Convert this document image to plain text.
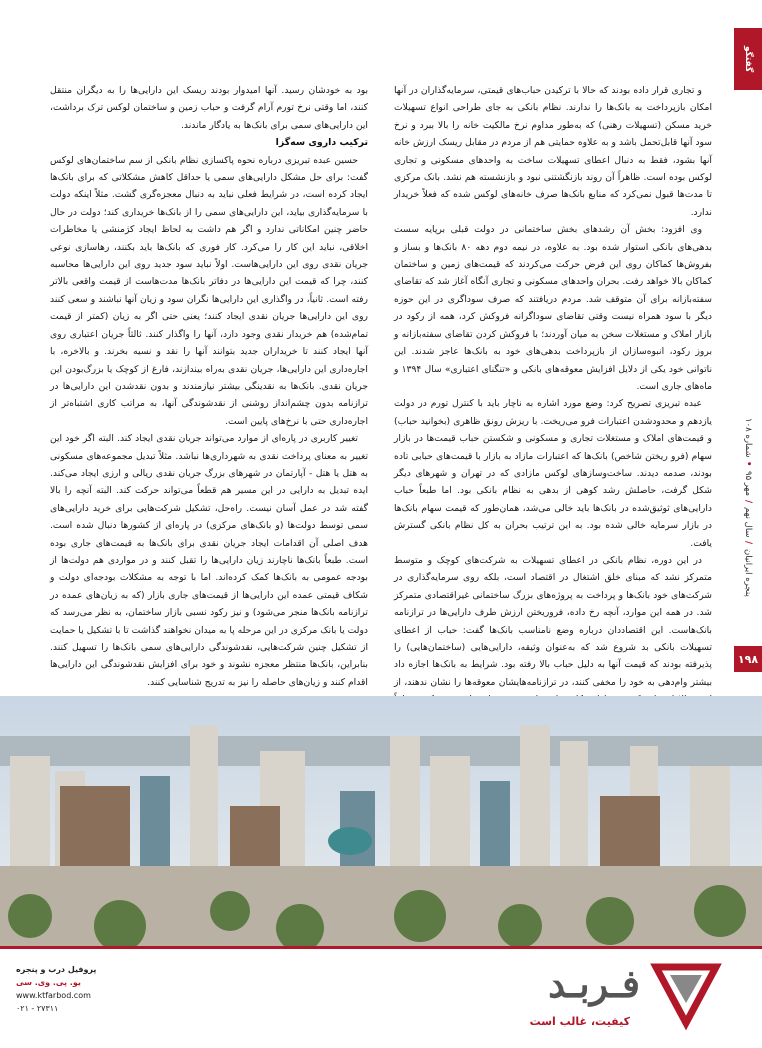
گفتگو
پنجره ایرانیان
/
سال نهم
/
مهر ۹۵
•
شماره ۱۰۸
۱۹۸

و تجاری قرار داده بودند که حالا با ترکیدن حباب‌های قیمتی، سرمایه‌گذاران در آنها امکان بازپرداخت به بانک‌ها را ندارند. نظام بانکی به جای طراحی انواع تسهیلات خرید مسکن (تسهیلات رهنی) که به‌طور مداوم نرخ مالکیت خانه را بالا ببرد و نرخ سود آنها قابل‌تحمل باشد و به علاوه حمایتی هم از مردم در مقابل ریسک ارزش خانه آنها بشود، فقط به دنبال اعطای تسهیلات ساخت به واحدهای مسکونی و تجاری لوکس بوده است. ظاهراً آن روند بازنگشتنی نبود و بازنشسته هم نشد. بانک مرکزی تا مدت‌ها قبول نمی‌کرد که منابع بانک‌ها صرف خانه‌های لوکس شده که فعلاً خریدار ندارد.

وی افزود: بخش آن رشدهای بخش ساختمانی در دولت قبلی برپایه سست بدهی‌های بانکی استوار شده بود. به علاوه، در نیمه دوم دهه ۸۰ بانک‌ها و بساز و بفروش‌ها کماکان روی این فرض حرکت می‌کردند که قیمت‌های زمین و ساختمان کماکان بالا خواهد رفت. بحران واحدهای مسکونی و تجاری آنگاه آغاز شد که تقاضای سفته‌بازانه برای آن متوقف شد. مردم دریافتند که صرف سوداگری در این حوزه دیگر با سود همراه نیست وقتی تقاضای سوداگرانه فروکش کرد، همه از رکود در بازار املاک و مستغلات سخن به میان آوردند؛ با فروکش کردن تقاضای سفته‌بازانه و بروز رکود، انبوه‌سازان از بازپرداخت بدهی‌های خود به بانک‌ها عاجز شدند. این ناتوانی خود یکی از دلایل افزایش معوقه‌های بانکی و «تنگنای اعتباری» سال ۱۳۹۴ و ماه‌های جاری است.

عبده تبریزی تصریح کرد: وضع مورد اشاره به ناچار باید با کنترل تورم در دولت یازدهم و محدودشدن اعتبارات فرو می‌ریخت. با ریزش رونق ظاهری (بخوانید حباب) و قیمت‌های املاک و مستغلات تجاری و مسکونی و شکستن حباب قیمت‌ها در بازار سهام (فرو ریختن شاخص) بانک‌ها که اعتبارات مازاد به بازار با قیمت‌های حبابی تاده بودند، صدمه دیدند. ساخت‌وسازهای لوکس مازادی که در تهران و شهرهای دیگر شکل گرفت، حاصلش رشد کوهی از بدهی به نظام بانکی بود. اما طبعاً حباب دارایی‌های ثوثیق‌شده در بانک‌ها باید خالی می‌شد، همان‌طور که قیمت سهام بانک‌ها در بازار سرمایه خالی شده بود. به این ترتیب بحران به کل نظام بانکی گسترش یافت.

در این دوره، نظام بانکی در اعطای تسهیلات به شرکت‌های کوچک و متوسط متمرکز نشد که مبنای خلق اشتغال در اقتصاد است، بلکه روی سرمایه‌گذاری در شرکت‌های خود بانک‌ها و پرداخت به پروژه‌های بزرگ ساختمانی غیراقتصادی متمرکز شد. در همه این موارد، آنچه رخ داده، فروریختن ارزش طرف دارایی‌ها در ترازنامه بانک‌هاست. این اقتصاددان درباره وضع نامناسب بانک‌ها گفت: حباب از اعطای تسهیلات بانکی بد شروع شد که به‌عنوان وثیقه، دارایی‌هایی (ساختمان‌هایی) را پذیرفته بودند که قیمت آنها به دلیل حباب بالا رفته بود. شرایط به بانک‌ها اجازه داد بیشتر وام‌دهی به خود را مخفی کنند، در ترازنامه‌هایشان معوقه‌ها را نشان ندهند، از

بود به خودشان رسید. آنها امیدوار بودند ریسک این دارایی‌ها را به دیگران منتقل کنند، اما وقتی نرخ تورم آرام گرفت و حباب زمین و ساختمان لوکس ترک برداشت، این دارایی‌های سمی برای بانک‌ها به یادگار ماندند.

ترکیب داروی سه‌گزا

حسین عبده تبریزی درباره نحوه پاکسازی نظام بانکی از سم ساختمان‌های لوکس گفت: برای حل مشکل دارایی‌های سمی یا حداقل کاهش مشکلاتی که برای بانک‌ها ایجاد کرده است، در شرایط فعلی نباید به دنبال معجزه‌گری گشت. مثلاً اینکه دولت با سرمایه‌گذاری بیاید، این دارایی‌های سمی را از بانک‌ها خریداری کند؛ دولت در حال حاضر چنین امکاناتی ندارد و اگر هم داشت به لحاظ ایجاد کژمنشی یا مخاطرات اخلاقی، نباید این کار را می‌کرد. کار فوری که بانک‌ها باید بکنند، رهاسازی نوعی جریان نقدی روی این دارایی‌هاست. اولاً نباید سود جدید روی این دارایی‌ها محاسبه کنند، چرا که قیمت این دارایی‌ها در دفاتر بانک‌ها مدت‌هاست از قیمت واقعی بالاتر رفته است. ثانیاً، در واگذاری این دارایی‌ها نگران سود و زیان آنها نباشند و سعی کنند روی این دارایی‌ها جریان نقدی ایجاد کنند؛ یعنی حتی اگر به زیان (کمتر از قیمت تمام‌شده) هم خریدار نقدی وجود دارد، آنها را واگذار کنند. ثالثاً جریان اعتباری روی آنها ایجاد کنند تا خریداران جدید بتوانند آنها را نقد و نسیه بخرند. و بالاخره، با اجاره‌داری این دارایی‌ها، جریان نقدی به‌راه بیندازند، فارغ از کوچک یا بزرگ‌بودن این جریان نقدی. بانک‌ها به نقدینگی بیشتر نیازمندند و بدون نقدشدن این دارایی‌ها در ترازنامه بدون چشم‌انداز روشنی از نقدشوندگی آنها، به مراتب کاری اشتباه‌تر از اجاره‌داری حتی با نرخ‌های پایین است.

تغییر کاربری در پاره‌ای از موارد می‌تواند جریان نقدی ایجاد کند. البته اگر خود این تغییر به معنای پرداخت نقدی به شهرداری‌ها نباشد. مثلاً تبدیل مجموعه‌های مسکونی به هتل یا هتل - آپارتمان در شهرهای بزرگ جریان نقدی ریالی و ارزی ایجاد می‌کند. ایده تبدیل به دارایی در این مسیر هم قطعاً می‌تواند حرکت کند. البته آنچه را بالا گفته شد در عمل آسان نیست. راه‌حل، تشکیل شرکت‌هایی برای خرید دارایی‌های سمی توسط دولت‌ها (و بانک‌های مرکزی) در پاره‌ای از کشورها دنبال شده است. هدف اصلی آن اقدامات ایجاد جریان نقدی برای بانک‌ها به قیمت‌های جاری بوده است. طبعاً بانک‌ها ناچارند زیان دارایی‌ها را تقبل کنند و در مواردی هم دولت‌ها از بودجه عمومی به بانک‌ها کمک کرده‌اند. اما با توجه به مشکلات بودجه‌ای دولت و شکاف قیمتی عمده این دارایی‌ها از قیمت‌های جاری بازار (که به زیان‌های عمده در ترازنامه بانک‌ها منجر می‌شود) و نیز رکود نسبی بازار ساختمان، به نظر می‌رسد که دولت یا بانک مرکزی در این مرحله پا به میدان نخواهند گذاشت تا با تشکیل یا حمایت از تشکیل چنین شرکت‌هایی، نقدشوندگی دارایی‌های سمی بانک‌ها را تسهیل کنند. بنابراین، بانک‌ها منتظر معجزه نشوند و خود برای افزایش نقدشوندگی این دارایی‌ها اقدام کنند و زیان‌های حاصله را نیز به تدریج شناسایی کنند.

پروفیل درب و پنجره
یو. پی. وی. سی
www.ktfarbod.com
۰۲۱ - ۲۷۳۱۱
فـربـد
کیفیت، غالب است
